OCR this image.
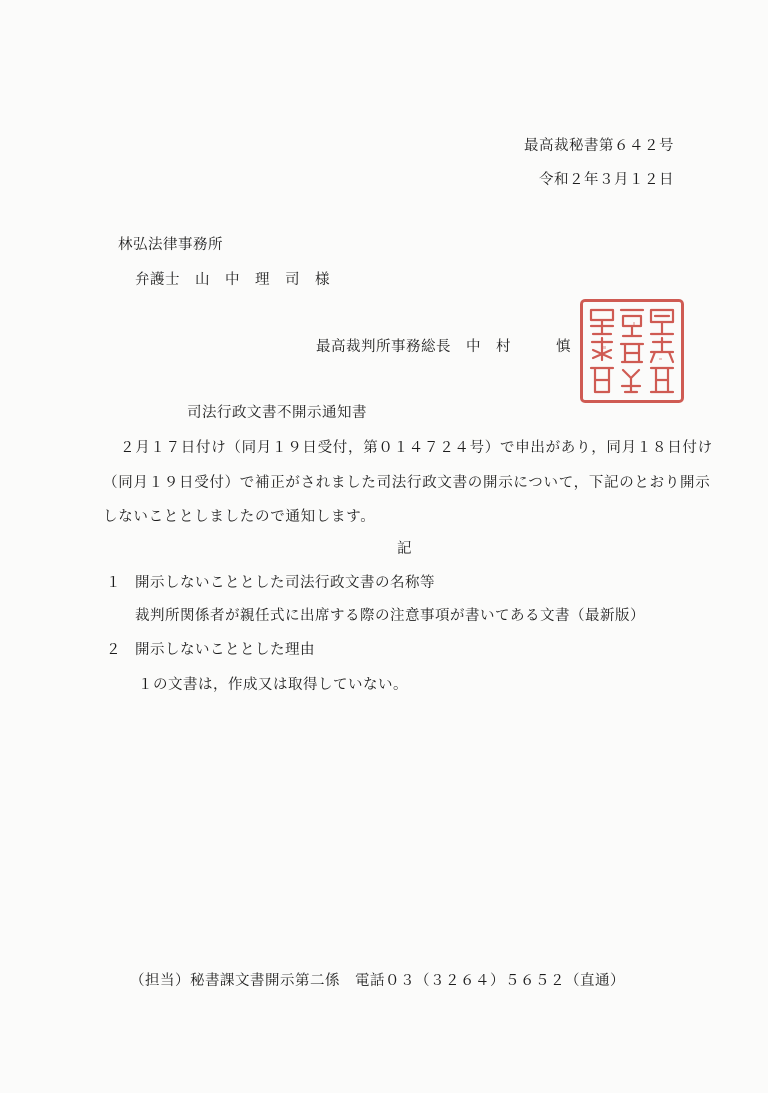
最高裁秘書第６４２号
令和２年３月１２日
林弘法律事務所
弁護士　山　中　理　司　様
最高裁判所事務総長　中　村　　　慎
司法行政文書不開示通知書
２月１７日付け（同月１９日受付，第０１４７２４号）で申出があり，同月１８日付け（同月１９日受付）で補正がされました司法行政文書の開示について，下記のとおり開示しないこととしましたので通知します。
記
１ 開示しないこととした司法行政文書の名称等
裁判所関係者が親任式に出席する際の注意事項が書いてある文書（最新版）
２ 開示しないこととした理由
１の文書は，作成又は取得していない。
（担当）秘書課文書開示第二係　電話０３（３２６４）５６５２（直通）
